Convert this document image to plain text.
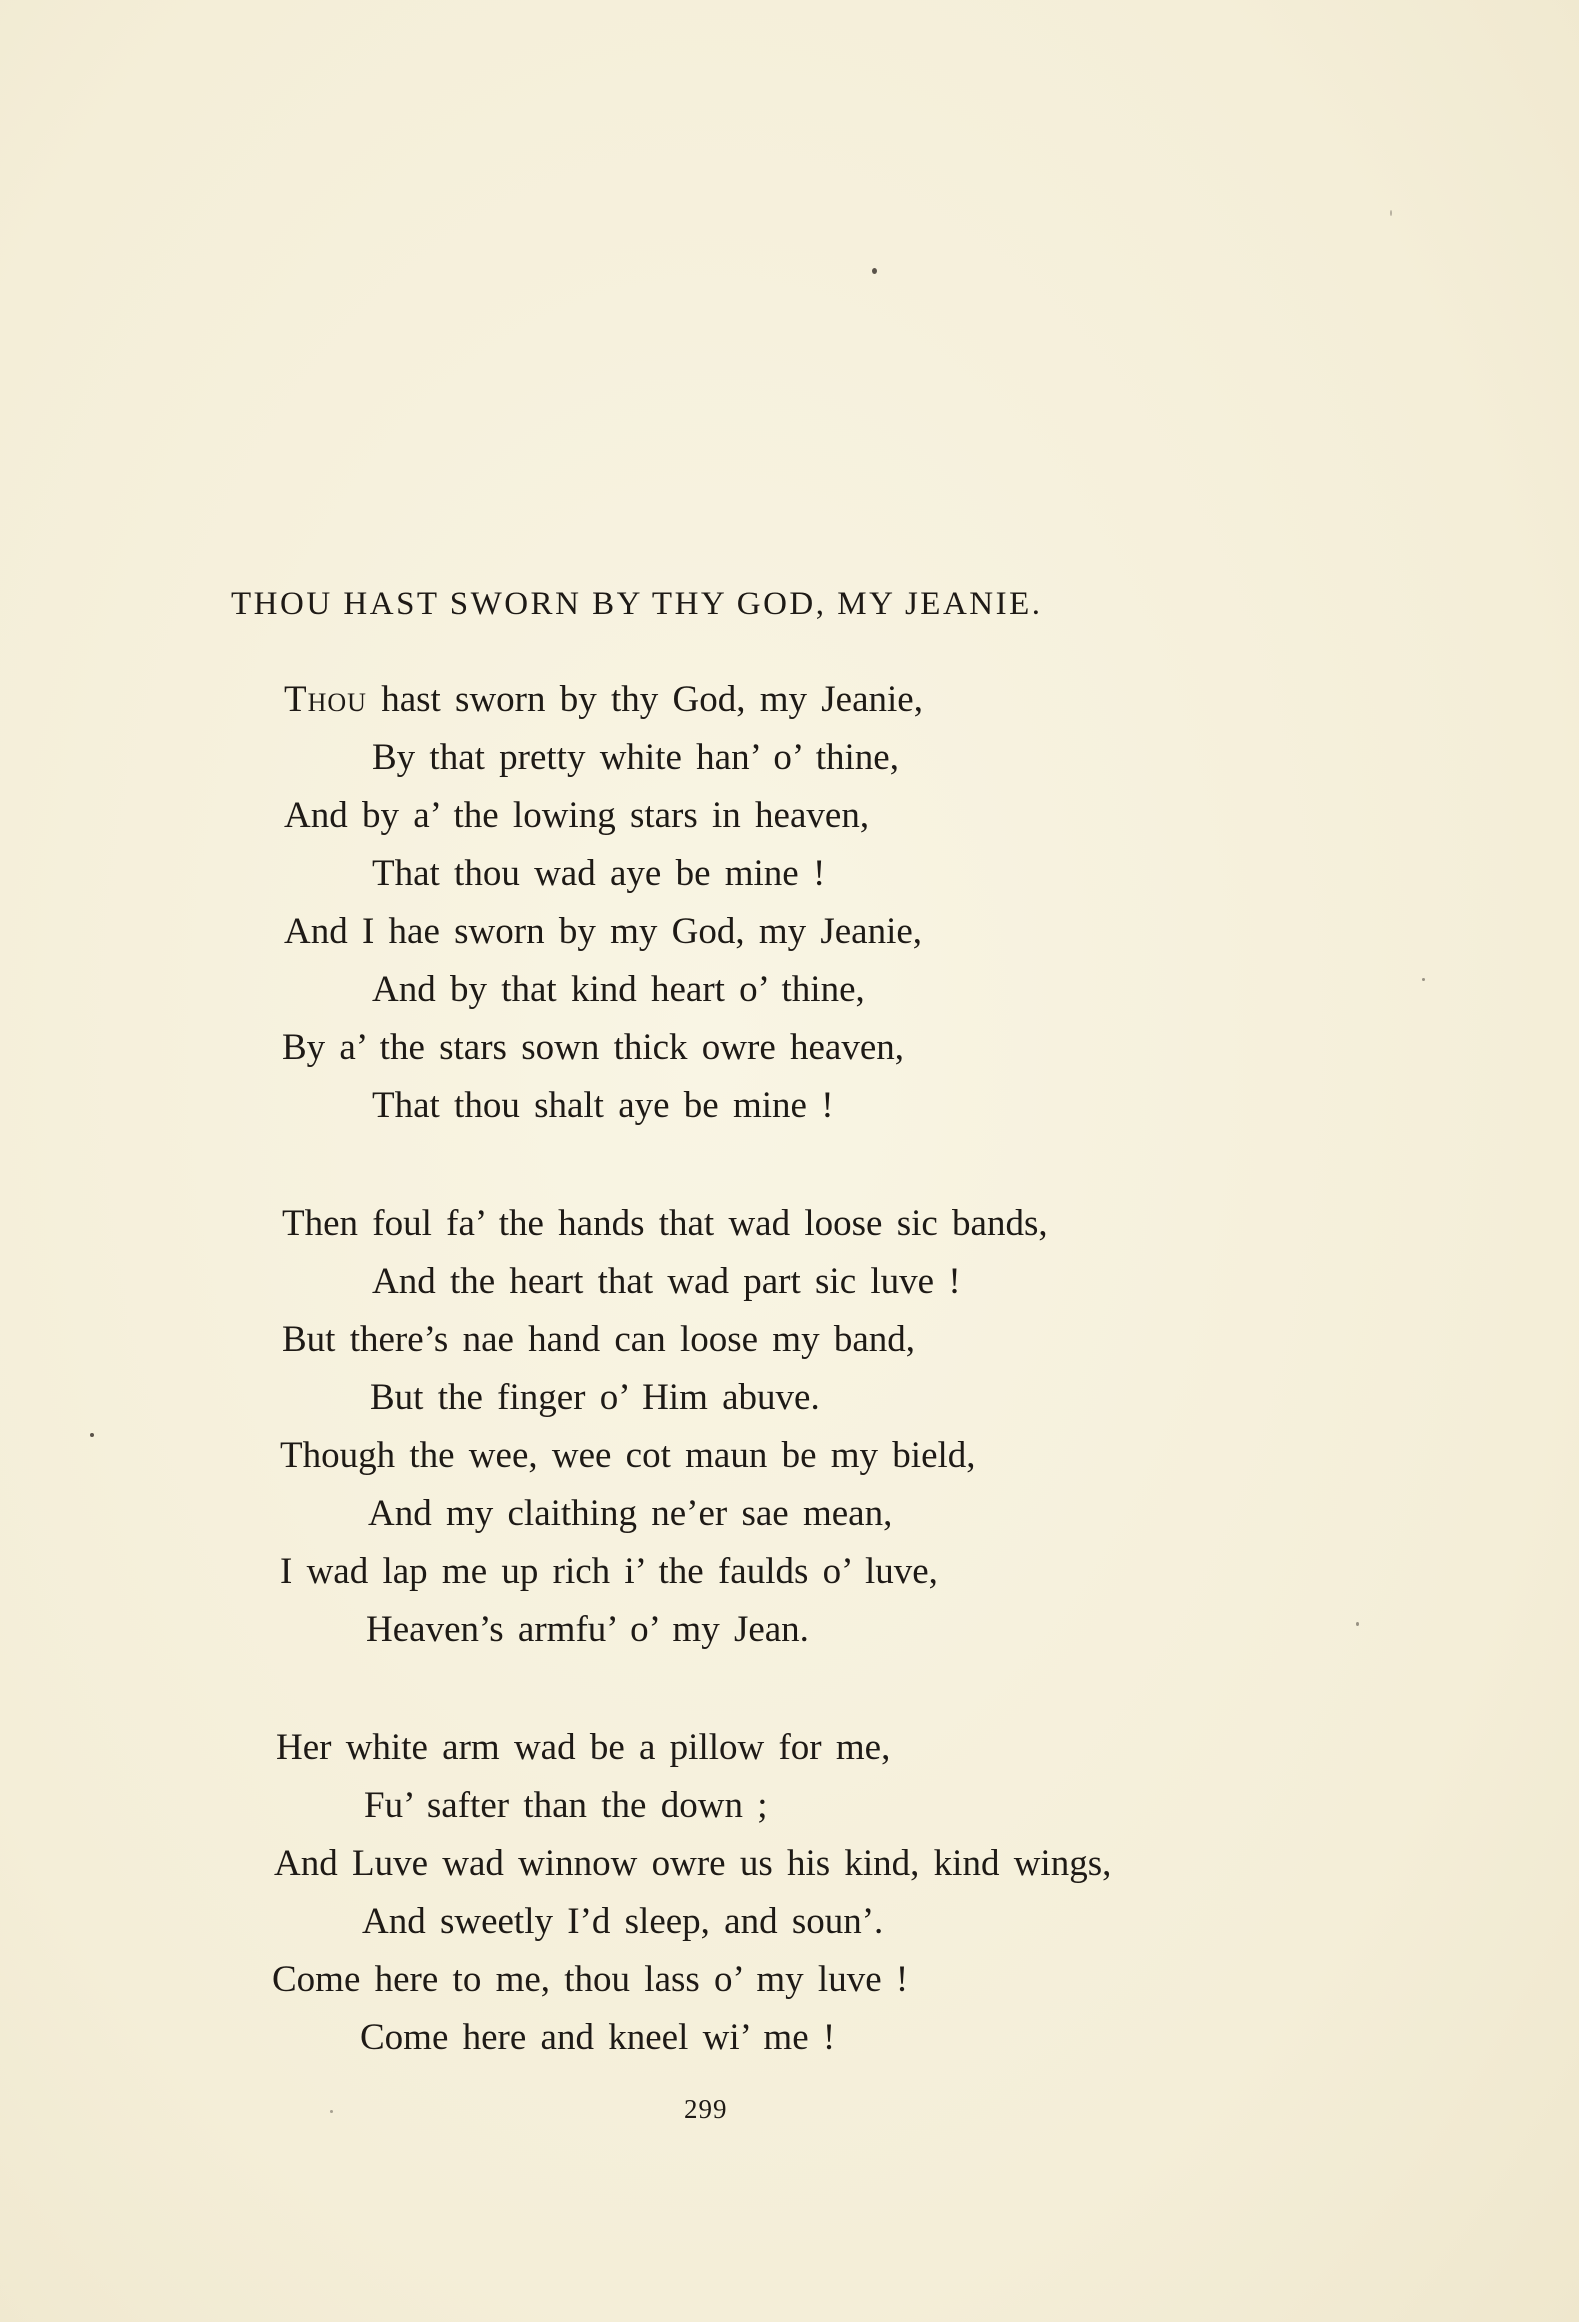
THOU HAST SWORN BY THY GOD, MY JEANIE.
Thou hast sworn by thy God, my Jeanie,
By that pretty white han’ o’ thine,
And by a’ the lowing stars in heaven,
That thou wad aye be mine !
And I hae sworn by my God, my Jeanie,
And by that kind heart o’ thine,
By a’ the stars sown thick owre heaven,
That thou shalt aye be mine !
Then foul fa’ the hands that wad loose sic bands,
And the heart that wad part sic luve !
But there’s nae hand can loose my band,
But the finger o’ Him abuve.
Though the wee, wee cot maun be my bield,
And my claithing ne’er sae mean,
I wad lap me up rich i’ the faulds o’ luve,
Heaven’s armfu’ o’ my Jean.
Her white arm wad be a pillow for me,
Fu’ safter than the down ;
And Luve wad winnow owre us his kind, kind wings,
And sweetly I’d sleep, and soun’.
Come here to me, thou lass o’ my luve !
Come here and kneel wi’ me !
299
